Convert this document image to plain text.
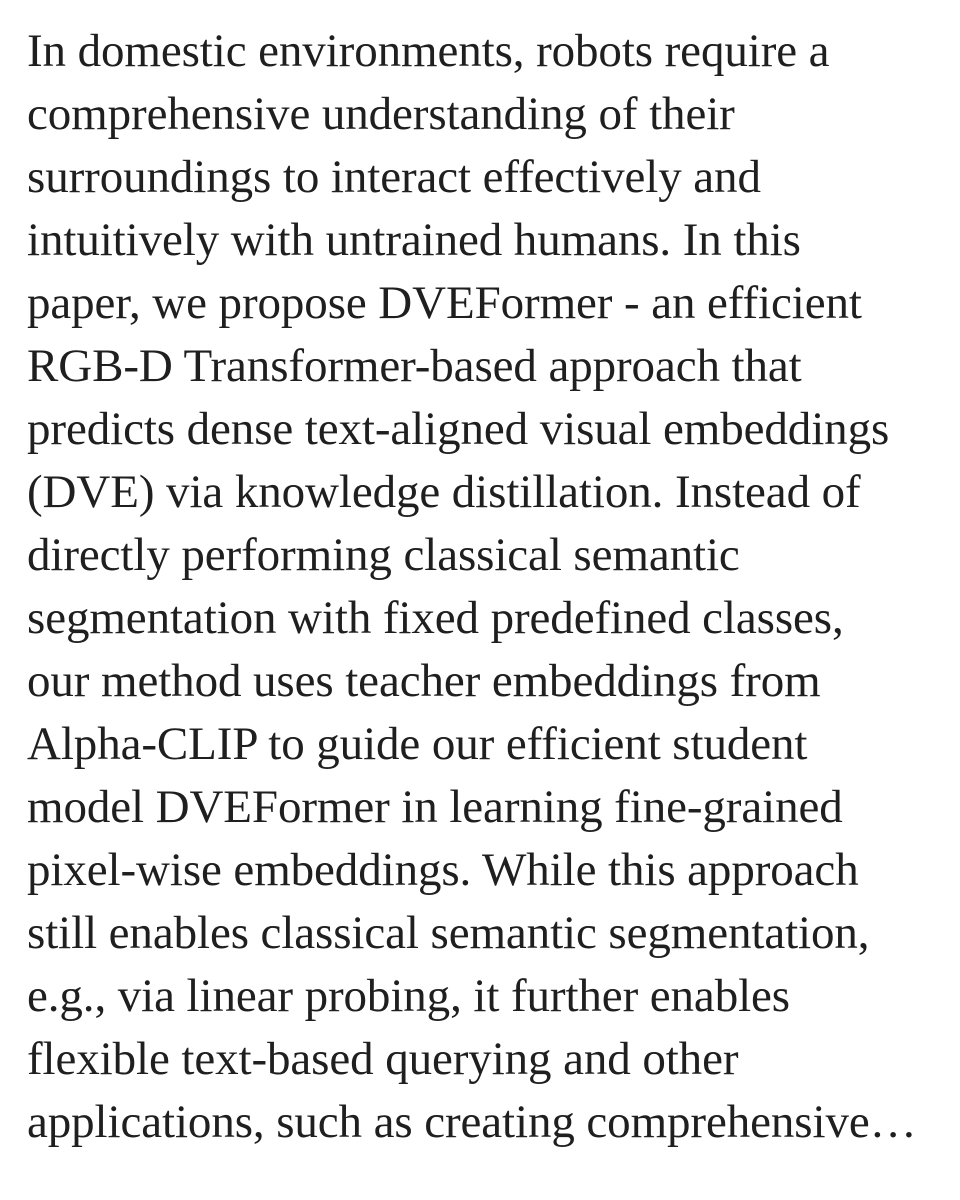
In domestic environments, robots require a
comprehensive understanding of their
surroundings to interact effectively and
intuitively with untrained humans. In this
paper, we propose DVEFormer - an efficient
RGB-D Transformer-based approach that
predicts dense text-aligned visual embeddings
(DVE) via knowledge distillation. Instead of
directly performing classical semantic
segmentation with fixed predefined classes,
our method uses teacher embeddings from
Alpha-CLIP to guide our efficient student
model DVEFormer in learning fine-grained
pixel-wise embeddings. While this approach
still enables classical semantic segmentation,
e.g., via linear probing, it further enables
flexible text-based querying and other
applications, such as creating comprehensive…
